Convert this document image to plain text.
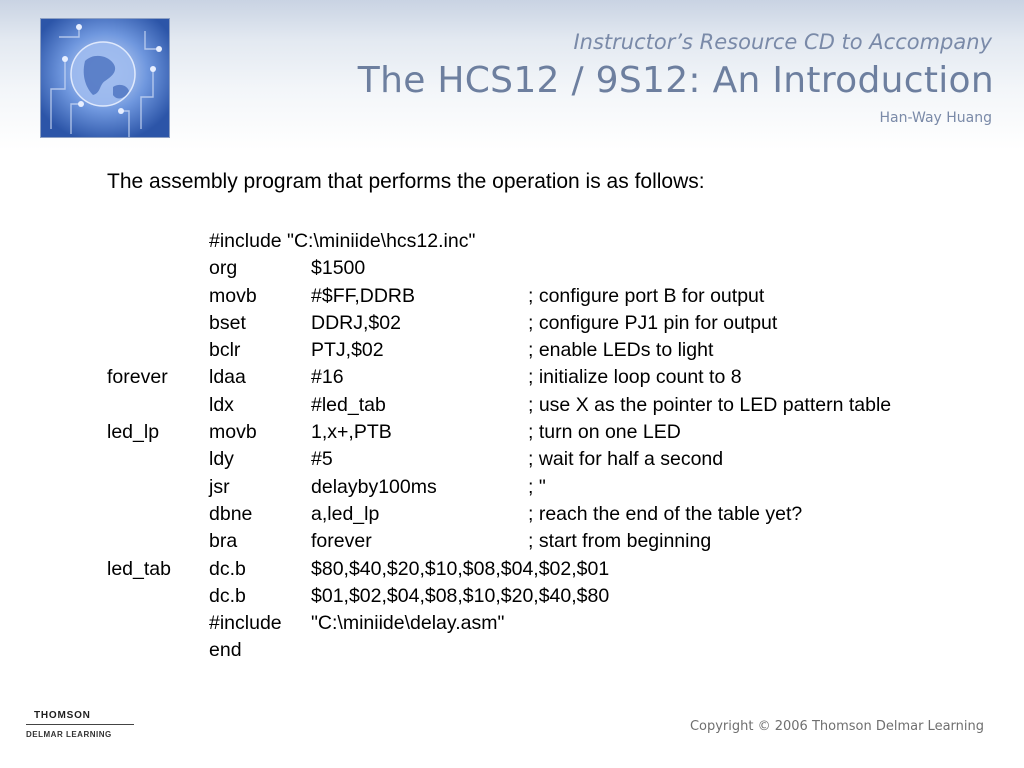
Instructor’s Resource CD to Accompany

The HCS12 / 9S12: An Introduction

Han-Way Huang

The assembly program that performs the operation is as follows:
#include "C:\miniide\hcs12.inc"
org	$1500
movb	#$FF,DDRB	; configure port B for output
bset	DDRJ,$02	; configure PJ1 pin for output
bclr	PTJ,$02	; enable LEDs to light
forever ldaa	#16	; initialize loop count to 8
ldx	#led_tab	; use X as the pointer to LED pattern table
led_lp	movb	1,x+,PTB	; turn on one LED
ldy	#5	; wait for half a second
jsr	delayby100ms	; "
dbne	a,led_lp	; reach the end of the table yet?
bra	forever	; start from beginning
led_tab dc.b	$80,$40,$20,$10,$08,$04,$02,$01
dc.b	$01,$02,$04,$08,$10,$20,$40,$80
#include "C:\miniide\delay.asm"
end

THOMSON

DELMAR LEARNING

Copyright © 2006 Thomson Delmar Learning
